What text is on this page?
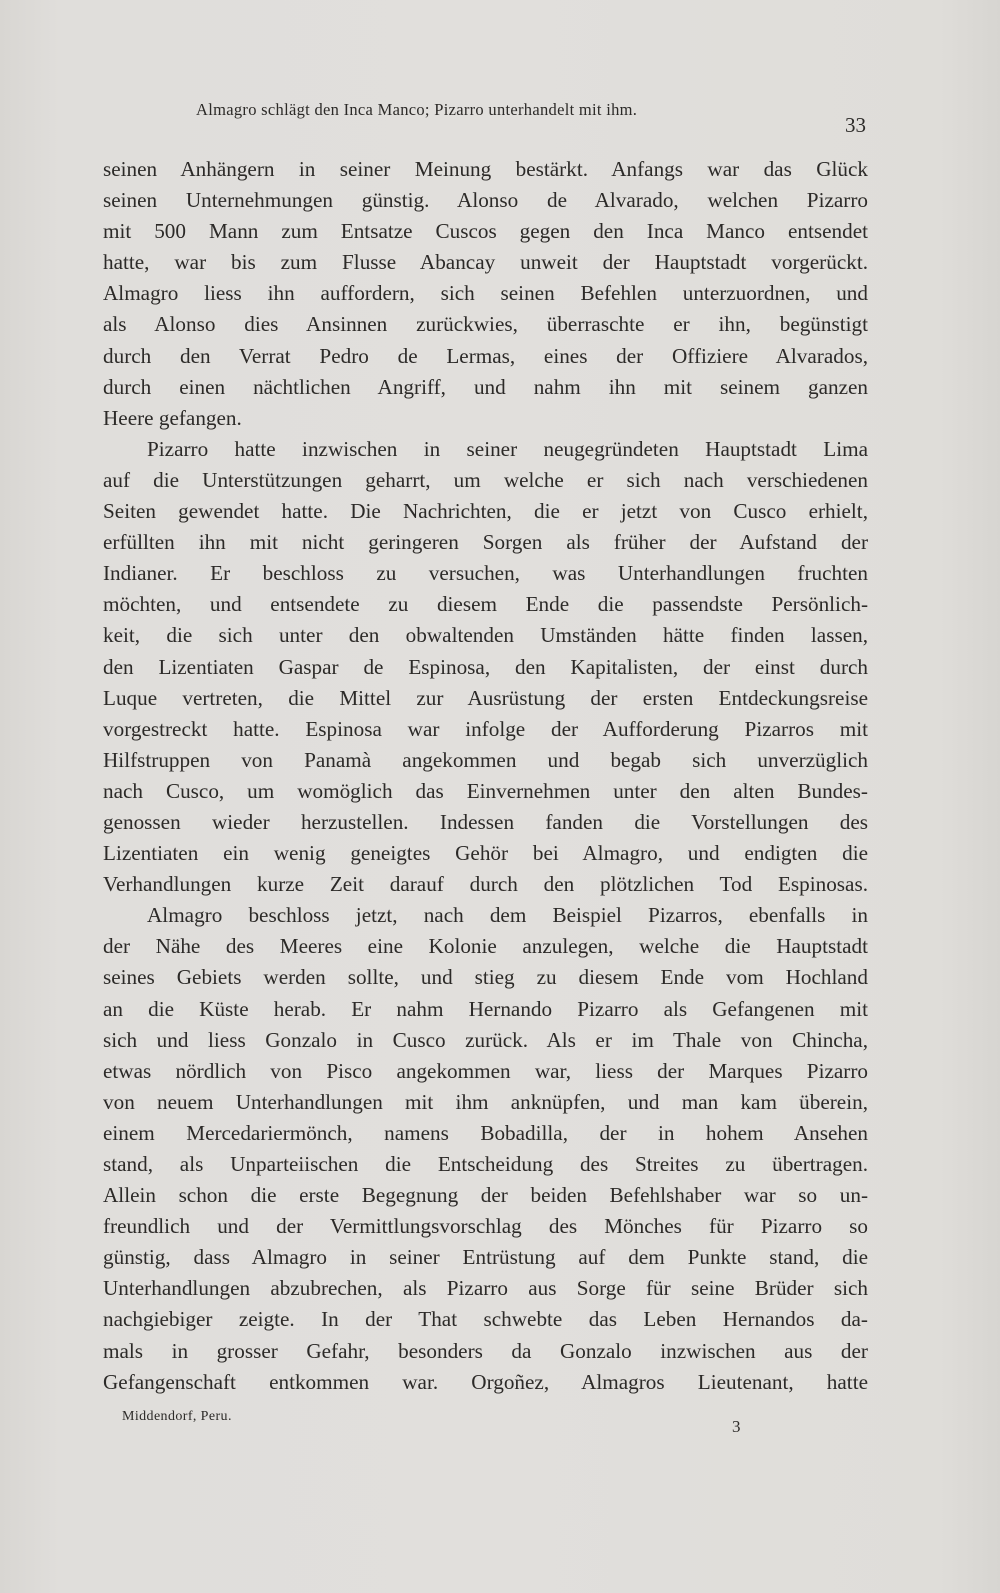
Almagro schlägt den Inca Manco; Pizarro unterhandelt mit ihm.
33
seinen Anhängern in seiner Meinung bestärkt. Anfangs war das Glück
seinen Unternehmungen günstig. Alonso de Alvarado, welchen Pizarro
mit 500 Mann zum Entsatze Cuscos gegen den Inca Manco entsendet
hatte, war bis zum Flusse Abancay unweit der Hauptstadt vorgerückt.
Almagro liess ihn auffordern, sich seinen Befehlen unterzuordnen, und
als Alonso dies Ansinnen zurückwies, überraschte er ihn, begünstigt
durch den Verrat Pedro de Lermas, eines der Offiziere Alvarados,
durch einen nächtlichen Angriff, und nahm ihn mit seinem ganzen
Heere gefangen.
Pizarro hatte inzwischen in seiner neugegründeten Hauptstadt Lima
auf die Unterstützungen geharrt, um welche er sich nach verschiedenen
Seiten gewendet hatte. Die Nachrichten, die er jetzt von Cusco erhielt,
erfüllten ihn mit nicht geringeren Sorgen als früher der Aufstand der
Indianer. Er beschloss zu versuchen, was Unterhandlungen fruchten
möchten, und entsendete zu diesem Ende die passendste Persönlich-
keit, die sich unter den obwaltenden Umständen hätte finden lassen,
den Lizentiaten Gaspar de Espinosa, den Kapitalisten, der einst durch
Luque vertreten, die Mittel zur Ausrüstung der ersten Entdeckungsreise
vorgestreckt hatte. Espinosa war infolge der Aufforderung Pizarros mit
Hilfstruppen von Panamà angekommen und begab sich unverzüglich
nach Cusco, um womöglich das Einvernehmen unter den alten Bundes-
genossen wieder herzustellen. Indessen fanden die Vorstellungen des
Lizentiaten ein wenig geneigtes Gehör bei Almagro, und endigten die
Verhandlungen kurze Zeit darauf durch den plötzlichen Tod Espinosas.
Almagro beschloss jetzt, nach dem Beispiel Pizarros, ebenfalls in
der Nähe des Meeres eine Kolonie anzulegen, welche die Hauptstadt
seines Gebiets werden sollte, und stieg zu diesem Ende vom Hochland
an die Küste herab. Er nahm Hernando Pizarro als Gefangenen mit
sich und liess Gonzalo in Cusco zurück. Als er im Thale von Chincha,
etwas nördlich von Pisco angekommen war, liess der Marques Pizarro
von neuem Unterhandlungen mit ihm anknüpfen, und man kam überein,
einem Mercedariermönch, namens Bobadilla, der in hohem Ansehen
stand, als Unparteiischen die Entscheidung des Streites zu übertragen.
Allein schon die erste Begegnung der beiden Befehlshaber war so un-
freundlich und der Vermittlungsvorschlag des Mönches für Pizarro so
günstig, dass Almagro in seiner Entrüstung auf dem Punkte stand, die
Unterhandlungen abzubrechen, als Pizarro aus Sorge für seine Brüder sich
nachgiebiger zeigte. In der That schwebte das Leben Hernandos da-
mals in grosser Gefahr, besonders da Gonzalo inzwischen aus der
Gefangenschaft entkommen war. Orgoñez, Almagros Lieutenant, hatte
Middendorf, Peru.
3
